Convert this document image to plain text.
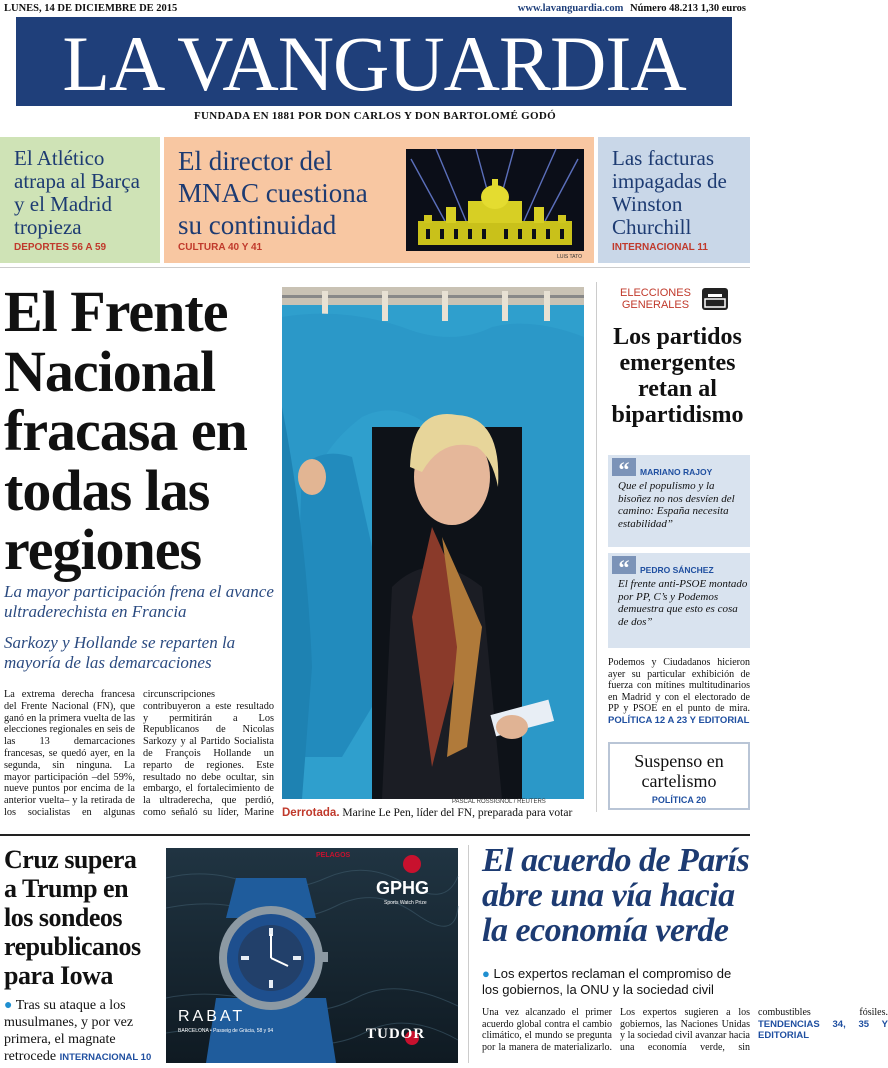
LUNES, 14 DE DICIEMBRE DE 2015	www.lavanguardia.com Número 48.213 1,30 euros
LA VANGUARDIA
FUNDADA EN 1881 POR DON CARLOS Y DON BARTOLOMÉ GODÓ
El Atlético atrapa al Barça y el Madrid tropieza
DEPORTES 56 A 59
El director del MNAC cuestiona su continuidad
CULTURA 40 Y 41
LUIS TATO
Las facturas impagadas de Winston Churchill
INTERNACIONAL 11
El Frente Nacional fracasa en todas las regiones
La mayor participación frena el avance ultraderechista en Francia
Sarkozy y Hollande se reparten la mayoría de las demarcaciones
La extrema derecha francesa del Frente Nacional (FN), que ganó en la primera vuelta de las elecciones regionales en seis de las 13 demarcaciones francesas, se quedó ayer, en la segunda, sin ninguna. La mayor participación –del 59%, nueve puntos por encima de la anterior vuelta– y la retirada de los socialistas en algunas circunscripciones contribuyeron a este resultado y permitirán a Los Republicanos de Nicolas Sarkozy y al Partido Socialista de François Hollande un reparto de regiones. Este resultado no debe ocultar, sin embargo, el fortalecimiento de la ultraderecha, que perdió, como señaló su líder, Marine
PASCAL ROSSIGNOL / REUTERS
Derrotada. Marine Le Pen, líder del FN, preparada para votar
ELECCIONES
GENERALES
Los partidos emergentes retan al bipartidismo
“	MARIANO RAJOY
Que el populismo y la bisoñez no nos desvíen del camino: España necesita estabilidad”
“	PEDRO SÁNCHEZ
El frente anti-PSOE montado por PP, C’s y Podemos demuestra que esto es cosa de dos”
Podemos y Ciudadanos hicieron ayer su particular exhibición de fuerza con mítines multitudinarios en Madrid y con el electorado de PP y PSOE en el punto de mira. POLÍTICA 12 A 23 Y EDITORIAL
Suspenso en cartelismo
POLÍTICA 20
Cruz supera a Trump en los sondeos republicanos para Iowa
● Tras su ataque a los musulmanes, y por vez primera, el magnate retrocede INTERNACIONAL 10
PELAGOS
GPHG
Sports Watch Prize
RABAT
BARCELONA • Passeig de Gràcia, 58 y 94	TUDOR
El acuerdo de París abre una vía hacia la economía verde
● Los expertos reclaman el compromiso de los gobiernos, la ONU y la sociedad civil
Una vez alcanzado el primer acuerdo global contra el cambio climático, el mundo se pregunta por la manera de materializarlo. Los expertos sugieren a los gobiernos, las Naciones Unidas y la sociedad civil avanzar hacia una economía verde, sin combustibles fósiles. TENDENCIAS 34, 35 Y EDITORIAL
